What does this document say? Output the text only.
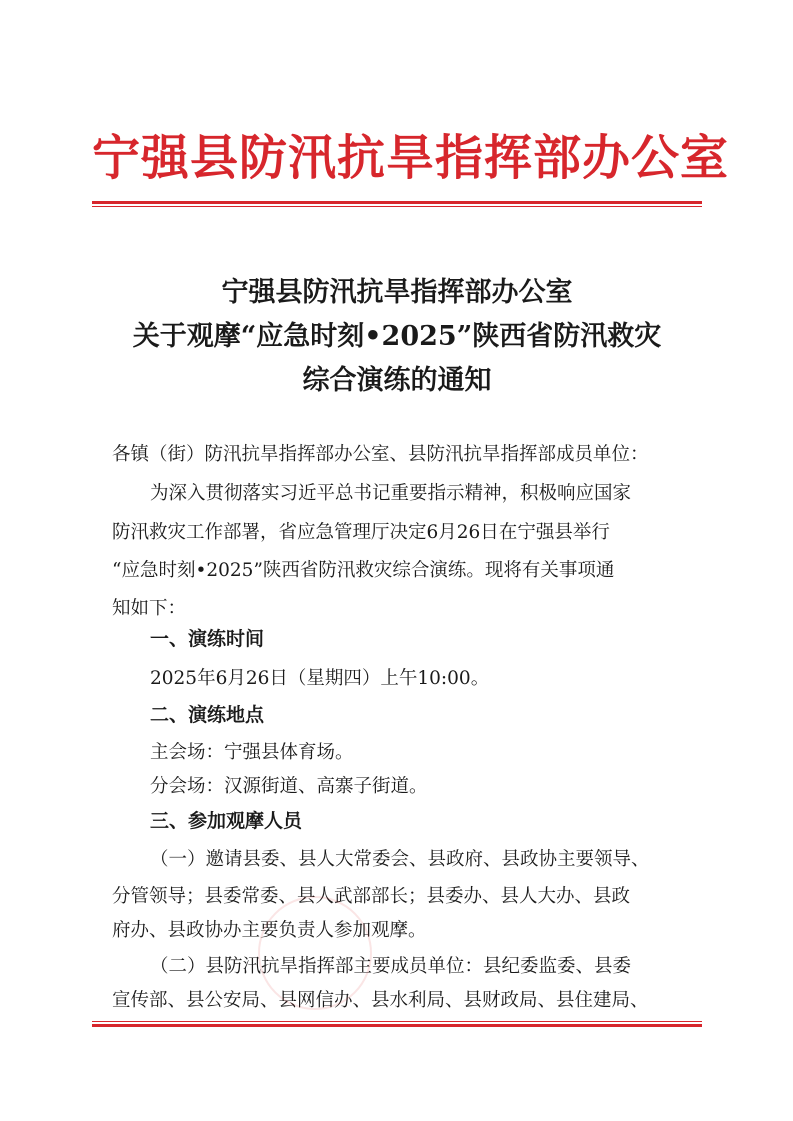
宁强县防汛抗旱指挥部办公室
宁强县防汛抗旱指挥部办公室
关于观摩“应急时刻•2025”陕西省防汛救灾
综合演练的通知
各镇（街）防汛抗旱指挥部办公室、县防汛抗旱指挥部成员单位：
为深入贯彻落实习近平总书记重要指示精神，积极响应国家
防汛救灾工作部署，省应急管理厅决定6月26日在宁强县举行
“应急时刻•2025”陕西省防汛救灾综合演练。现将有关事项通
知如下：
一、演练时间
2025年6月26日（星期四）上午10:00。
二、演练地点
主会场：宁强县体育场。
分会场：汉源街道、高寨子街道。
三、参加观摩人员
（一）邀请县委、县人大常委会、县政府、县政协主要领导、
分管领导；县委常委、县人武部部长；县委办、县人大办、县政
府办、县政协办主要负责人参加观摩。
（二）县防汛抗旱指挥部主要成员单位：县纪委监委、县委
宣传部、县公安局、县网信办、县水利局、县财政局、县住建局、
